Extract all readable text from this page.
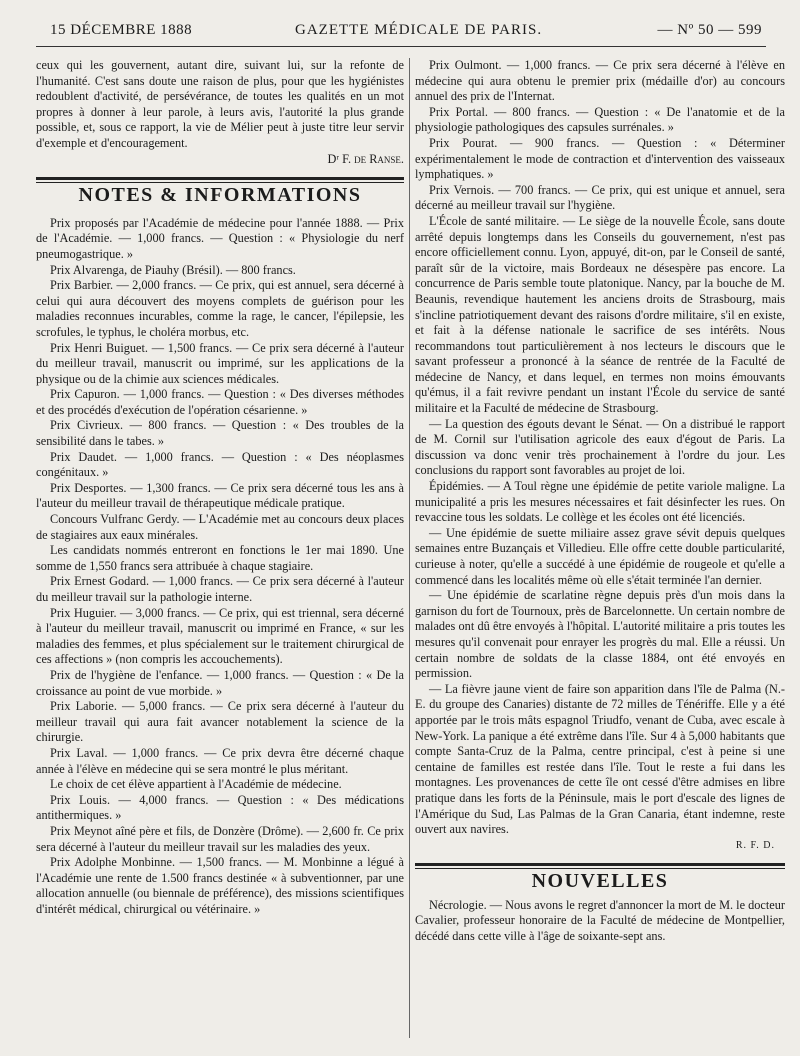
15 DÉCEMBRE 1888	GAZETTE MÉDICALE DE PARIS.	— Nº 50 — 599

ceux qui les gouvernent, autant dire, suivant lui, sur la refonte de l'humanité. C'est sans doute une raison de plus, pour que les hygiénistes redoublent d'activité, de persévérance, de toutes les qualités en un mot propres à donner à leur parole, à leurs avis, l'autorité la plus grande possible, et, sous ce rapport, la vie de Mélier peut à juste titre leur servir d'exemple et d'encouragement.

Dʳ F. de Ranse.

NOTES & INFORMATIONS

Prix proposés par l'Académie de médecine pour l'année 1888. — Prix de l'Académie. — 1,000 francs. — Question : « Physiologie du nerf pneumogastrique. »

Prix Alvarenga, de Piauhy (Brésil). — 800 francs.

Prix Barbier. — 2,000 francs. — Ce prix, qui est annuel, sera décerné à celui qui aura découvert des moyens complets de guérison pour les maladies reconnues incurables, comme la rage, le cancer, l'épilepsie, les scrofules, le typhus, le choléra morbus, etc.

Prix Henri Buiguet. — 1,500 francs. — Ce prix sera décerné à l'auteur du meilleur travail, manuscrit ou imprimé, sur les applications de la physique ou de la chimie aux sciences médicales.

Prix Capuron. — 1,000 francs. — Question : « Des diverses méthodes et des procédés d'exécution de l'opération césarienne. »

Prix Civrieux. — 800 francs. — Question : « Des troubles de la sensibilité dans le tabes. »

Prix Daudet. — 1,000 francs. — Question : « Des néoplasmes congénitaux. »

Prix Desportes. — 1,300 francs. — Ce prix sera décerné tous les ans à l'auteur du meilleur travail de thérapeutique médicale pratique.

Concours Vulfranc Gerdy. — L'Académie met au concours deux places de stagiaires aux eaux minérales.

Les candidats nommés entreront en fonctions le 1er mai 1890. Une somme de 1,550 francs sera attribuée à chaque stagiaire.

Prix Ernest Godard. — 1,000 francs. — Ce prix sera décerné à l'auteur du meilleur travail sur la pathologie interne.

Prix Huguier. — 3,000 francs. — Ce prix, qui est triennal, sera décerné à l'auteur du meilleur travail, manuscrit ou imprimé en France, « sur les maladies des femmes, et plus spécialement sur le traitement chirurgical de ces affections » (non compris les accouchements).

Prix de l'hygiène de l'enfance. — 1,000 francs. — Question : « De la croissance au point de vue morbide. »

Prix Laborie. — 5,000 francs. — Ce prix sera décerné à l'auteur du meilleur travail qui aura fait avancer notablement la science de la chirurgie.

Prix Laval. — 1,000 francs. — Ce prix devra être décerné chaque année à l'élève en médecine qui se sera montré le plus méritant.

Le choix de cet élève appartient à l'Académie de médecine.

Prix Louis. — 4,000 francs. — Question : « Des médications antithermiques. »

Prix Meynot aîné père et fils, de Donzère (Drôme). — 2,600 fr. Ce prix sera décerné à l'auteur du meilleur travail sur les maladies des yeux.

Prix Adolphe Monbinne. — 1,500 francs. — M. Monbinne a légué à l'Académie une rente de 1.500 francs destinée « à subventionner, par une allocation annuelle (ou biennale de préférence), des missions scientifiques d'intérêt médical, chirurgical ou vétérinaire. »

Prix Oulmont. — 1,000 francs. — Ce prix sera décerné à l'élève en médecine qui aura obtenu le premier prix (médaille d'or) au concours annuel des prix de l'Internat.

Prix Portal. — 800 francs. — Question : « De l'anatomie et de la physiologie pathologiques des capsules surrénales. »

Prix Pourat. — 900 francs. — Question : « Déterminer expérimentalement le mode de contraction et d'intervention des vaisseaux lymphatiques. »

Prix Vernois. — 700 francs. — Ce prix, qui est unique et annuel, sera décerné au meilleur travail sur l'hygiène.

L'École de santé militaire. — Le siège de la nouvelle École, sans doute arrêté depuis longtemps dans les Conseils du gouvernement, n'est pas encore officiellement connu. Lyon, appuyé, dit-on, par le Conseil de santé, paraît sûr de la victoire, mais Bordeaux ne désespère pas encore. La concurrence de Paris semble toute platonique. Nancy, par la bouche de M. Beaunis, revendique hautement les anciens droits de Strasbourg, mais s'incline patriotiquement devant des raisons d'ordre militaire, s'il en existe, et fait à la défense nationale le sacrifice de ses intérêts. Nous recommandons tout particulièrement à nos lecteurs le discours que le savant professeur a prononcé à la séance de rentrée de la Faculté de médecine de Nancy, et dans lequel, en termes non moins émouvants qu'émus, il a fait revivre pendant un instant l'École du service de santé militaire et la Faculté de médecine de Strasbourg.

— La question des égouts devant le Sénat. — On a distribué le rapport de M. Cornil sur l'utilisation agricole des eaux d'égout de Paris. La discussion va donc venir très prochainement à l'ordre du jour. Les conclusions du rapport sont favorables au projet de loi.

Épidémies. — A Toul règne une épidémie de petite variole maligne. La municipalité a pris les mesures nécessaires et fait désinfecter les rues. On revaccine tous les soldats. Le collège et les écoles ont été licenciés.

— Une épidémie de suette miliaire assez grave sévit depuis quelques semaines entre Buzançais et Villedieu. Elle offre cette double particularité, curieuse à noter, qu'elle a succédé à une épidémie de rougeole et qu'elle a commencé dans les localités même où elle s'était terminée l'an dernier.

— Une épidémie de scarlatine règne depuis près d'un mois dans la garnison du fort de Tournoux, près de Barcelonnette. Un certain nombre de malades ont dû être envoyés à l'hôpital. L'autorité militaire a pris toutes les mesures qu'il convenait pour enrayer les progrès du mal. Elle a réussi. Un certain nombre de soldats de la classe 1884, ont été envoyés en permission.

— La fièvre jaune vient de faire son apparition dans l'île de Palma (N.-E. du groupe des Canaries) distante de 72 milles de Ténériffe. Elle y a été apportée par le trois mâts espagnol Triudfo, venant de Cuba, avec escale à New-York. La panique a été extrême dans l'île. Sur 4 à 5,000 habitants que compte Santa-Cruz de la Palma, centre principal, c'est à peine si une centaine de familles est restée dans l'île. Tout le reste a fui dans les montagnes. Les provenances de cette île ont cessé d'être admises en libre pratique dans les forts de la Péninsule, mais le port d'escale des lignes de l'Amérique du Sud, Las Palmas de la Gran Canaria, étant indemne, reste ouvert aux navires.

R. F. D.
NOUVELLES

Nécrologie. — Nous avons le regret d'annoncer la mort de M. le docteur Cavalier, professeur honoraire de la Faculté de médecine de Montpellier, décédé dans cette ville à l'âge de soixante-sept ans.
